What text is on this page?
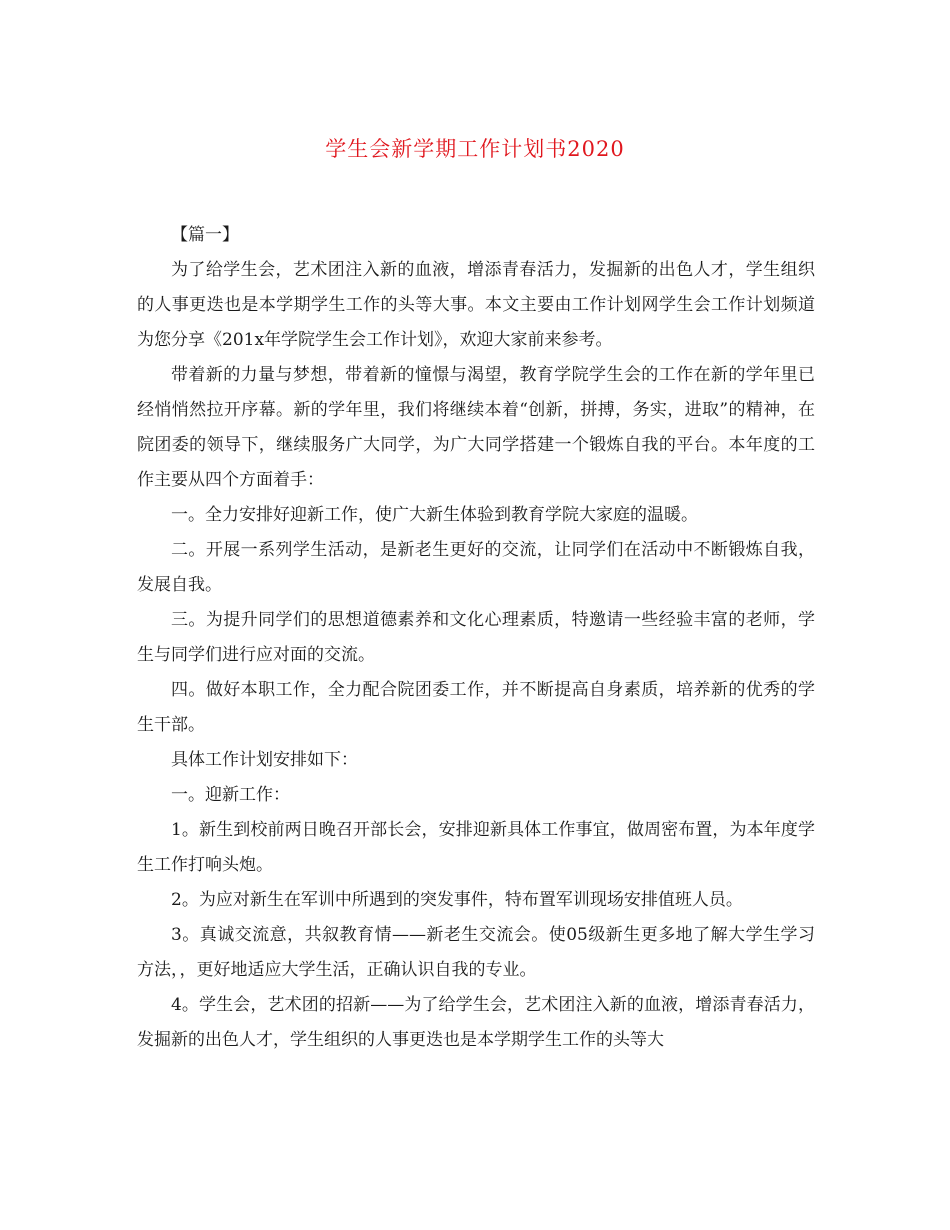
学生会新学期工作计划书2020

【篇一】

为了给学生会，艺术团注入新的血液，增添青春活力，发掘新的出色人才，学生组织的人事更迭也是本学期学生工作的头等大事。本文主要由工作计划网学生会工作计划频道为您分享《201x年学院学生会工作计划》，欢迎大家前来参考。

带着新的力量与梦想，带着新的憧憬与渴望，教育学院学生会的工作在新的学年里已经悄悄然拉开序幕。新的学年里，我们将继续本着“创新，拼搏，务实，进取”的精神，在院团委的领导下，继续服务广大同学，为广大同学搭建一个锻炼自我的平台。本年度的工作主要从四个方面着手：

一。全力安排好迎新工作，使广大新生体验到教育学院大家庭的温暖。

二。开展一系列学生活动，是新老生更好的交流，让同学们在活动中不断锻炼自我，发展自我。

三。为提升同学们的思想道德素养和文化心理素质，特邀请一些经验丰富的老师，学生与同学们进行应对面的交流。

四。做好本职工作，全力配合院团委工作，并不断提高自身素质，培养新的优秀的学生干部。

具体工作计划安排如下：

一。迎新工作：

1。新生到校前两日晚召开部长会，安排迎新具体工作事宜，做周密布置，为本年度学生工作打响头炮。

2。为应对新生在军训中所遇到的突发事件，特布置军训现场安排值班人员。

3。真诚交流意，共叙教育情——新老生交流会。使05级新生更多地了解大学生学习方法，，更好地适应大学生活，正确认识自我的专业。

4。学生会，艺术团的招新——为了给学生会，艺术团注入新的血液，增添青春活力，发掘新的出色人才，学生组织的人事更迭也是本学期学生工作的头等大
